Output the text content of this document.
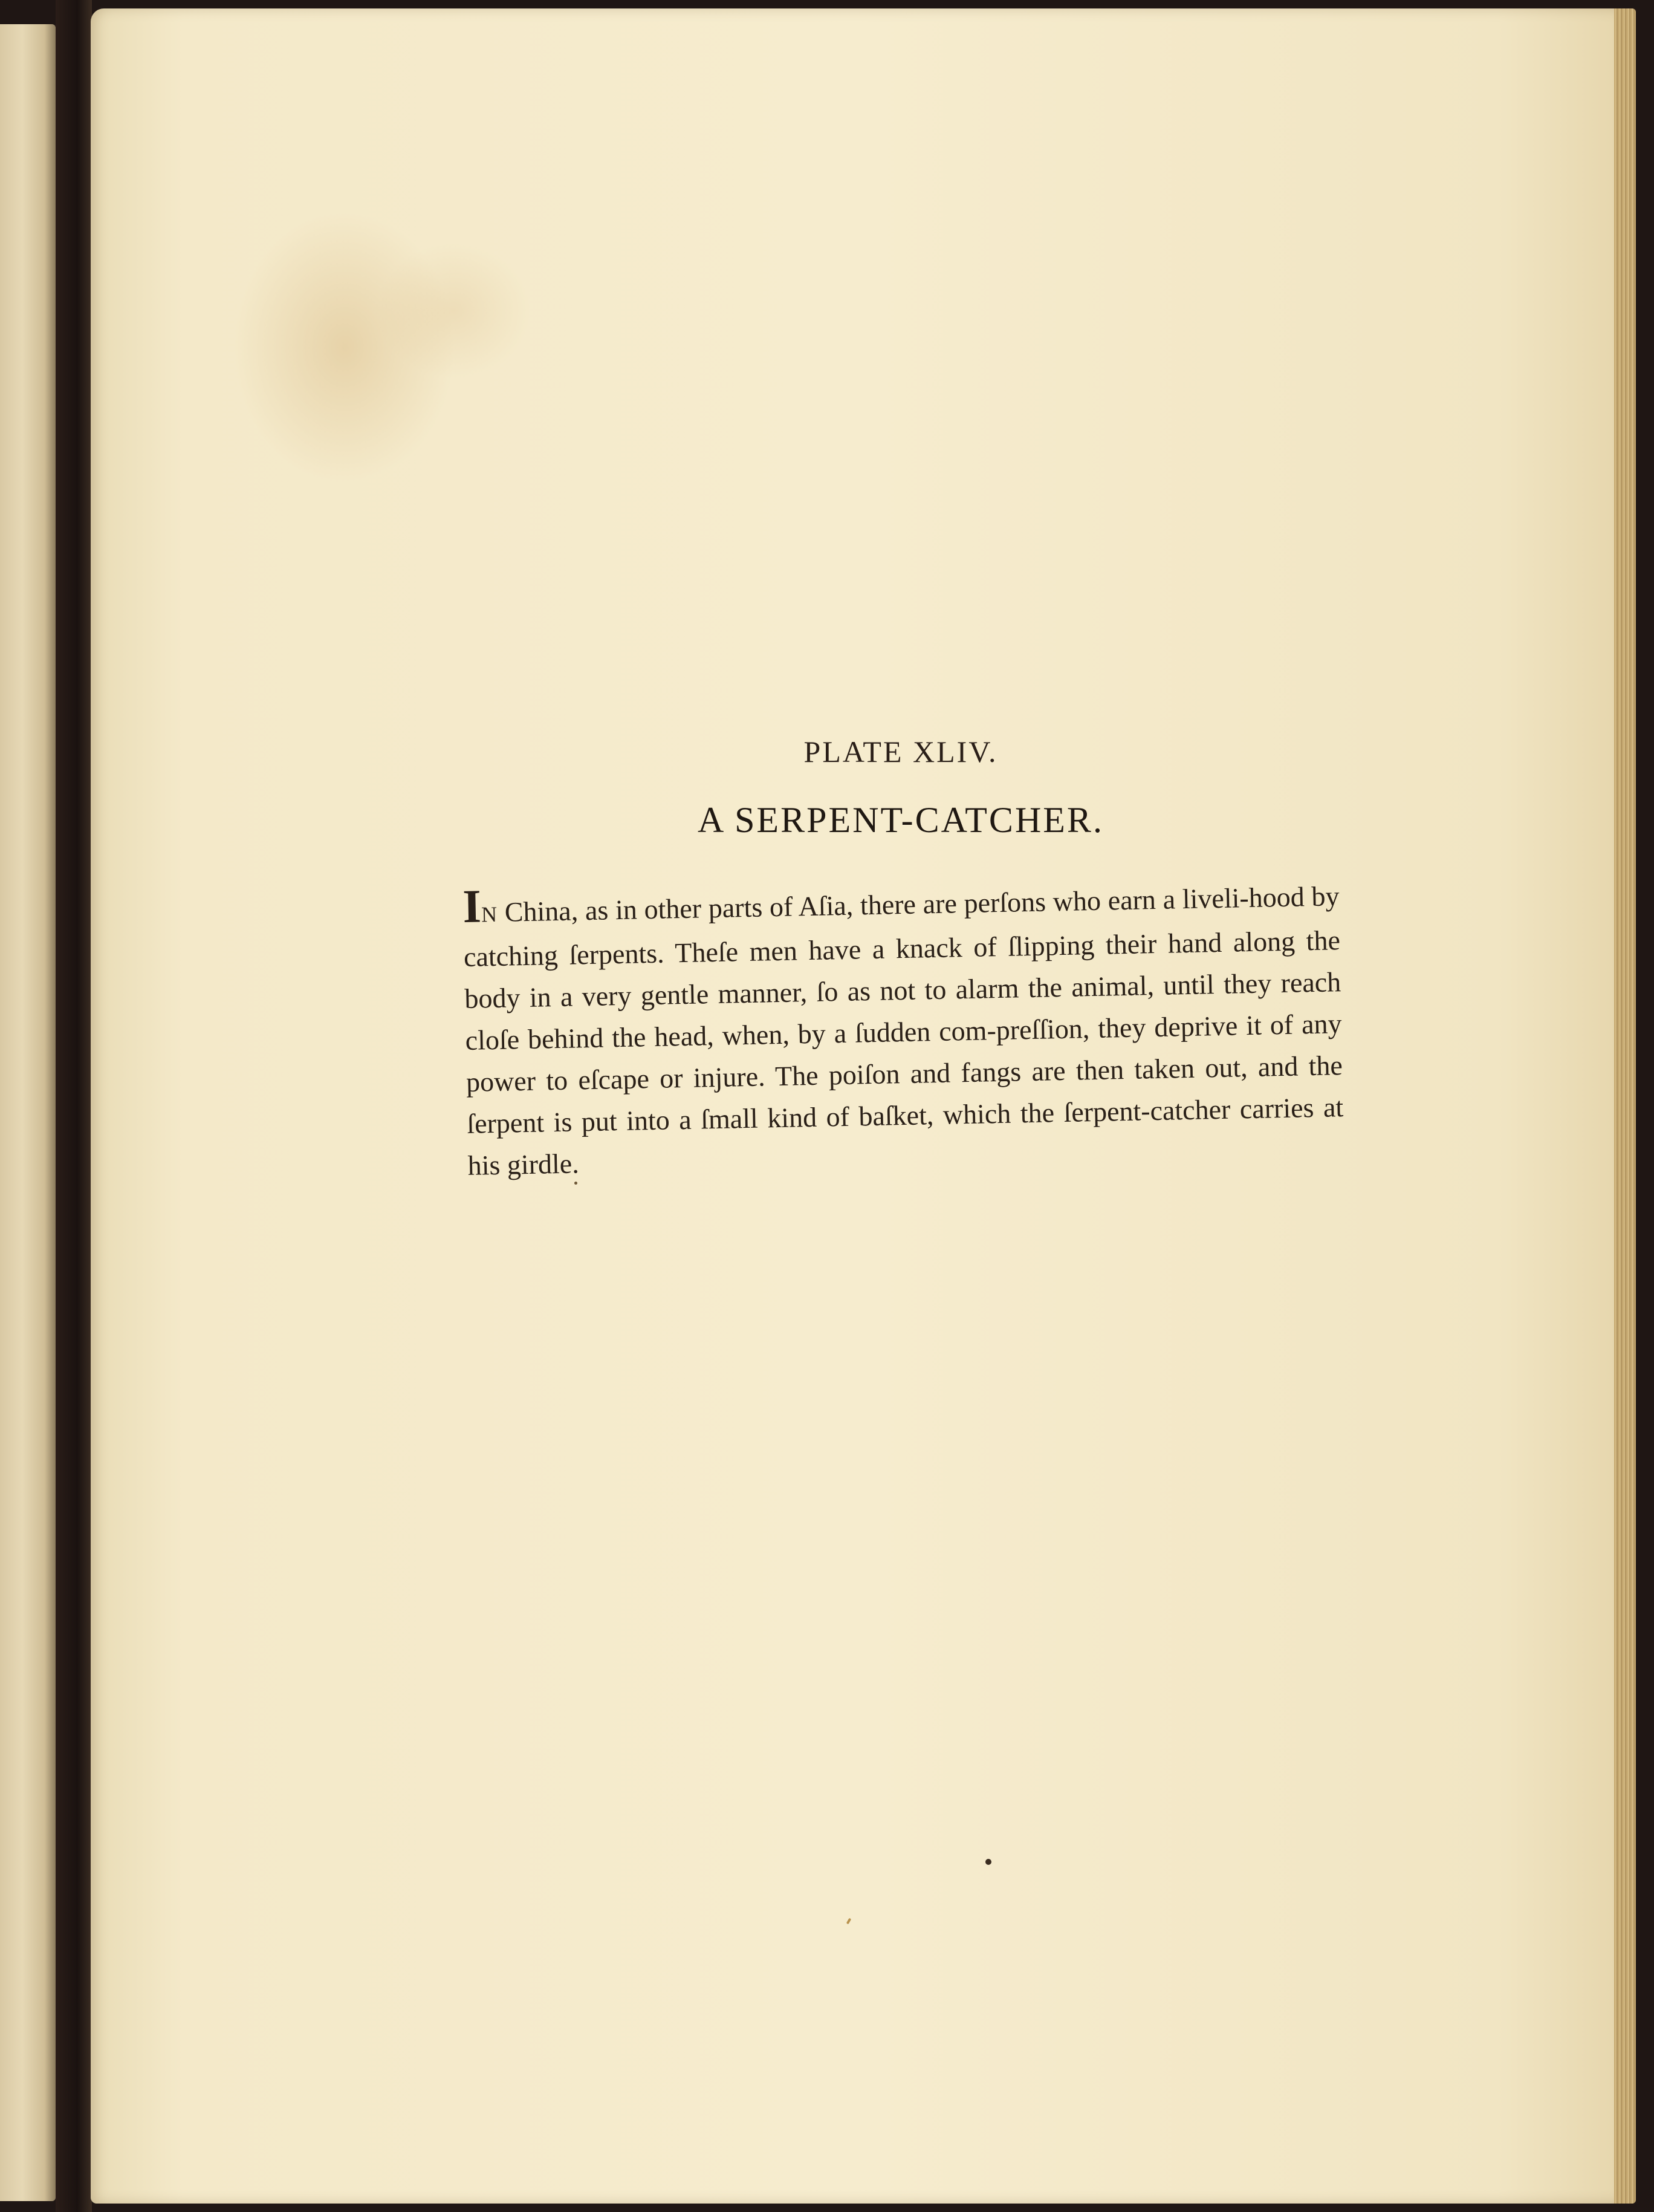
PLATE XLIV.
A SERPENT-CATCHER.
IN China, as in other parts of Aſia, there are perſons who earn a liveli-hood by catching ſerpents. Theſe men have a knack of ſlipping their hand along the body in a very gentle manner, ſo as not to alarm the animal, until they reach cloſe behind the head, when, by a ſudden com-preſſion, they deprive it of any power to eſcape or injure. The poiſon and fangs are then taken out, and the ſerpent is put into a ſmall kind of baſket, which the ſerpent-catcher carries at his girdle.
